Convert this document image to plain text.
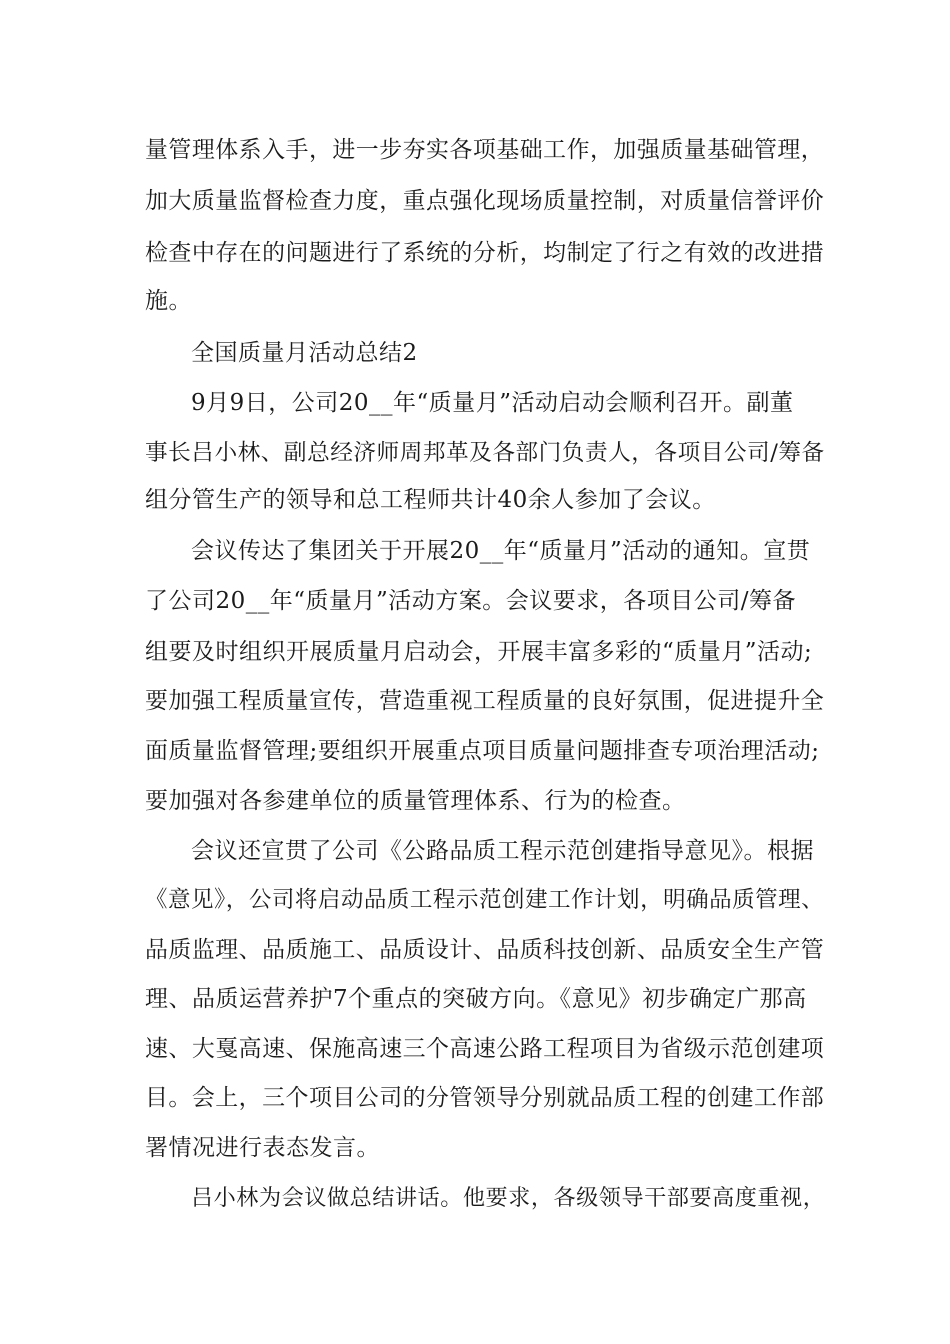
量管理体系入手，进一步夯实各项基础工作，加强质量基础管理，
加大质量监督检查力度，重点强化现场质量控制，对质量信誉评价
检查中存在的问题进行了系统的分析，均制定了行之有效的改进措
施。
全国质量月活动总结2
9月9日，公司20__年“质量月”活动启动会顺利召开。副董
事长吕小林、副总经济师周邦革及各部门负责人，各项目公司/筹备
组分管生产的领导和总工程师共计40余人参加了会议。
会议传达了集团关于开展20__年“质量月”活动的通知。宣贯
了公司20__年“质量月”活动方案。会议要求，各项目公司/筹备
组要及时组织开展质量月启动会，开展丰富多彩的“质量月”活动;
要加强工程质量宣传，营造重视工程质量的良好氛围，促进提升全
面质量监督管理;要组织开展重点项目质量问题排查专项治理活动;
要加强对各参建单位的质量管理体系、行为的检查。
会议还宣贯了公司《公路品质工程示范创建指导意见》。根据
《意见》，公司将启动品质工程示范创建工作计划，明确品质管理、
品质监理、品质施工、品质设计、品质科技创新、品质安全生产管
理、品质运营养护7个重点的突破方向。《意见》初步确定广那高
速、大戛高速、保施高速三个高速公路工程项目为省级示范创建项
目。会上，三个项目公司的分管领导分别就品质工程的创建工作部
署情况进行表态发言。
吕小林为会议做总结讲话。他要求，各级领导干部要高度重视，
